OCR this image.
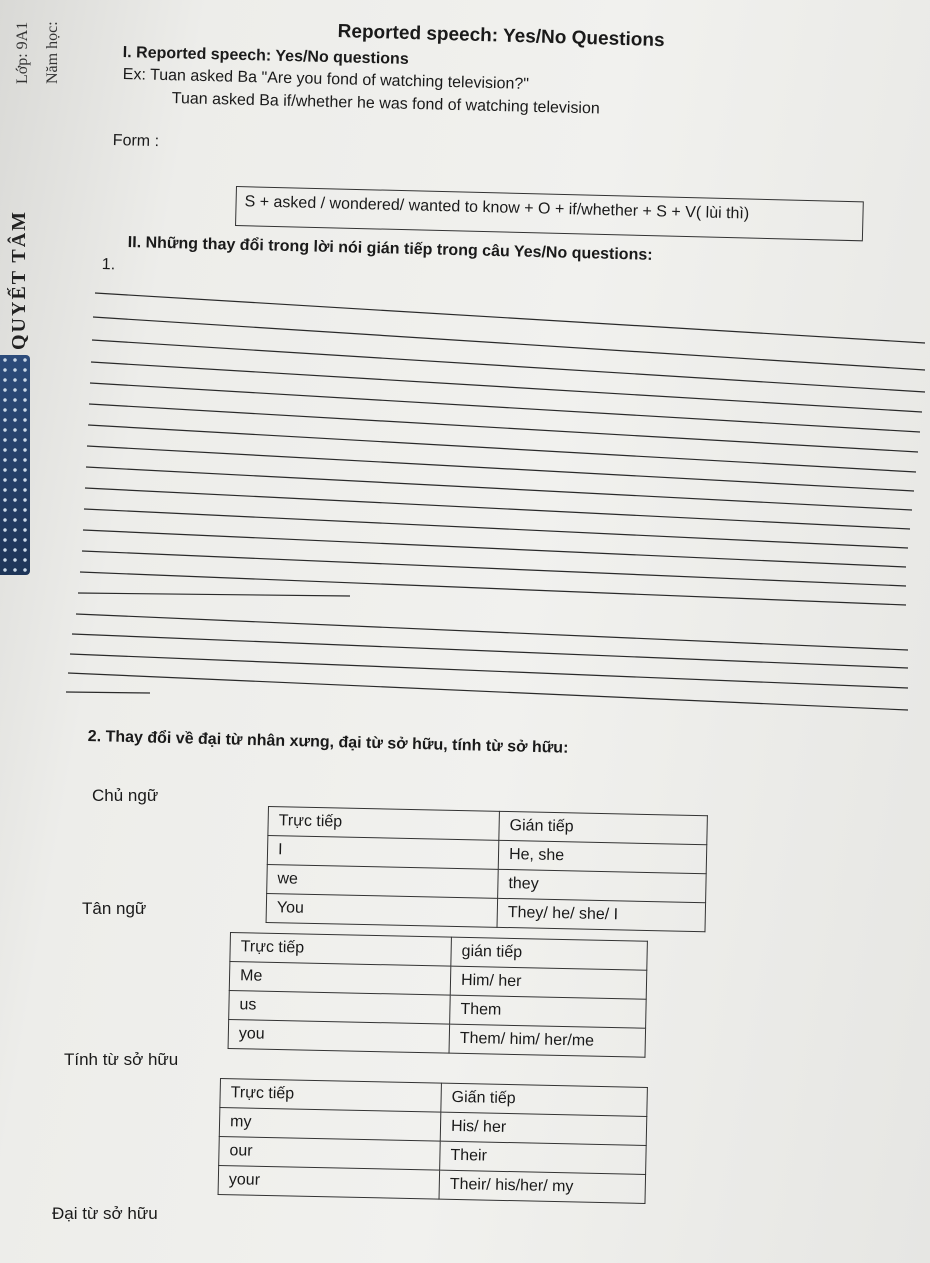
Lớp: 9A1 Năm học:
QUYẾT TÂM
Reported speech: Yes/No Questions
I. Reported speech: Yes/No questions
Ex: Tuan asked Ba "Are you fond of watching television?"
Tuan asked Ba if/whether he was fond of watching television
Form :
S + asked / wondered/ wanted to know + O + if/whether + S + V( lùi thì)
II. Những thay đổi trong lời nói gián tiếp trong câu Yes/No questions:
1.
2. Thay đổi về đại từ nhân xưng, đại từ sở hữu, tính từ sở hữu:
Chủ ngữ
Tân ngữ
Tính từ sở hữu
Đại từ sở hữu
Trực tiếp	Gián tiếp
I	He, she
we	they
You	They/ he/ she/ I
Trực tiếp	gián tiếp
Me	Him/ her
us	Them
you	Them/ him/ her/me
Trực tiếp	Giấn tiếp
my	His/ her
our	Their
your	Their/ his/her/ my
